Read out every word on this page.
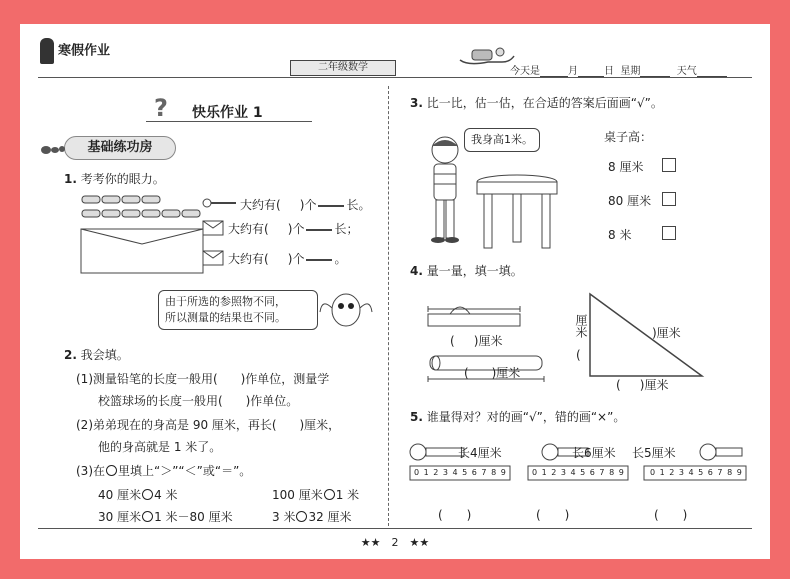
寒假作业
二年级数学	今天是	月	日 星期	天气
? 快乐作业 1
基础练功房
1. 考考你的眼力。
大约有( )个	长。
大约有( )个	长；
大约有( )个	。
由于所选的参照物不同，
所以测量的结果也不同。
2. 我会填。
(1)测量铅笔的长度一般用( )作单位，测量学
校篮球场的长度一般用( )作单位。
(2)弟弟现在的身高是 90 厘米，再长( )厘米，
他的身高就是 1 米了。
(3)在 里填上“＞”“＜”或“＝”。
40 厘米 4 米	100 厘米 1 米
30 厘米 1 米－80 厘米	3 米 32 厘米
3. 比一比，估一估，在合适的答案后面画“√”。
我身高1米。	桌子高：
8 厘米
80 厘米
8 米
4. 量一量，填一填。
( )厘米
( )厘米
厘米
(
)厘米
( )厘米
5. 谁量得对？对的画“√”，错的画“×”。
长4厘米
0 1 2 3 4 5 6 7 8 9
长6厘米
0 1 2 3 4 5 6 7 8 9
长5厘米
0 1 2 3 4 5 6 7 8 9
(　　)	(　　)	(　　)
★★　2　★★
